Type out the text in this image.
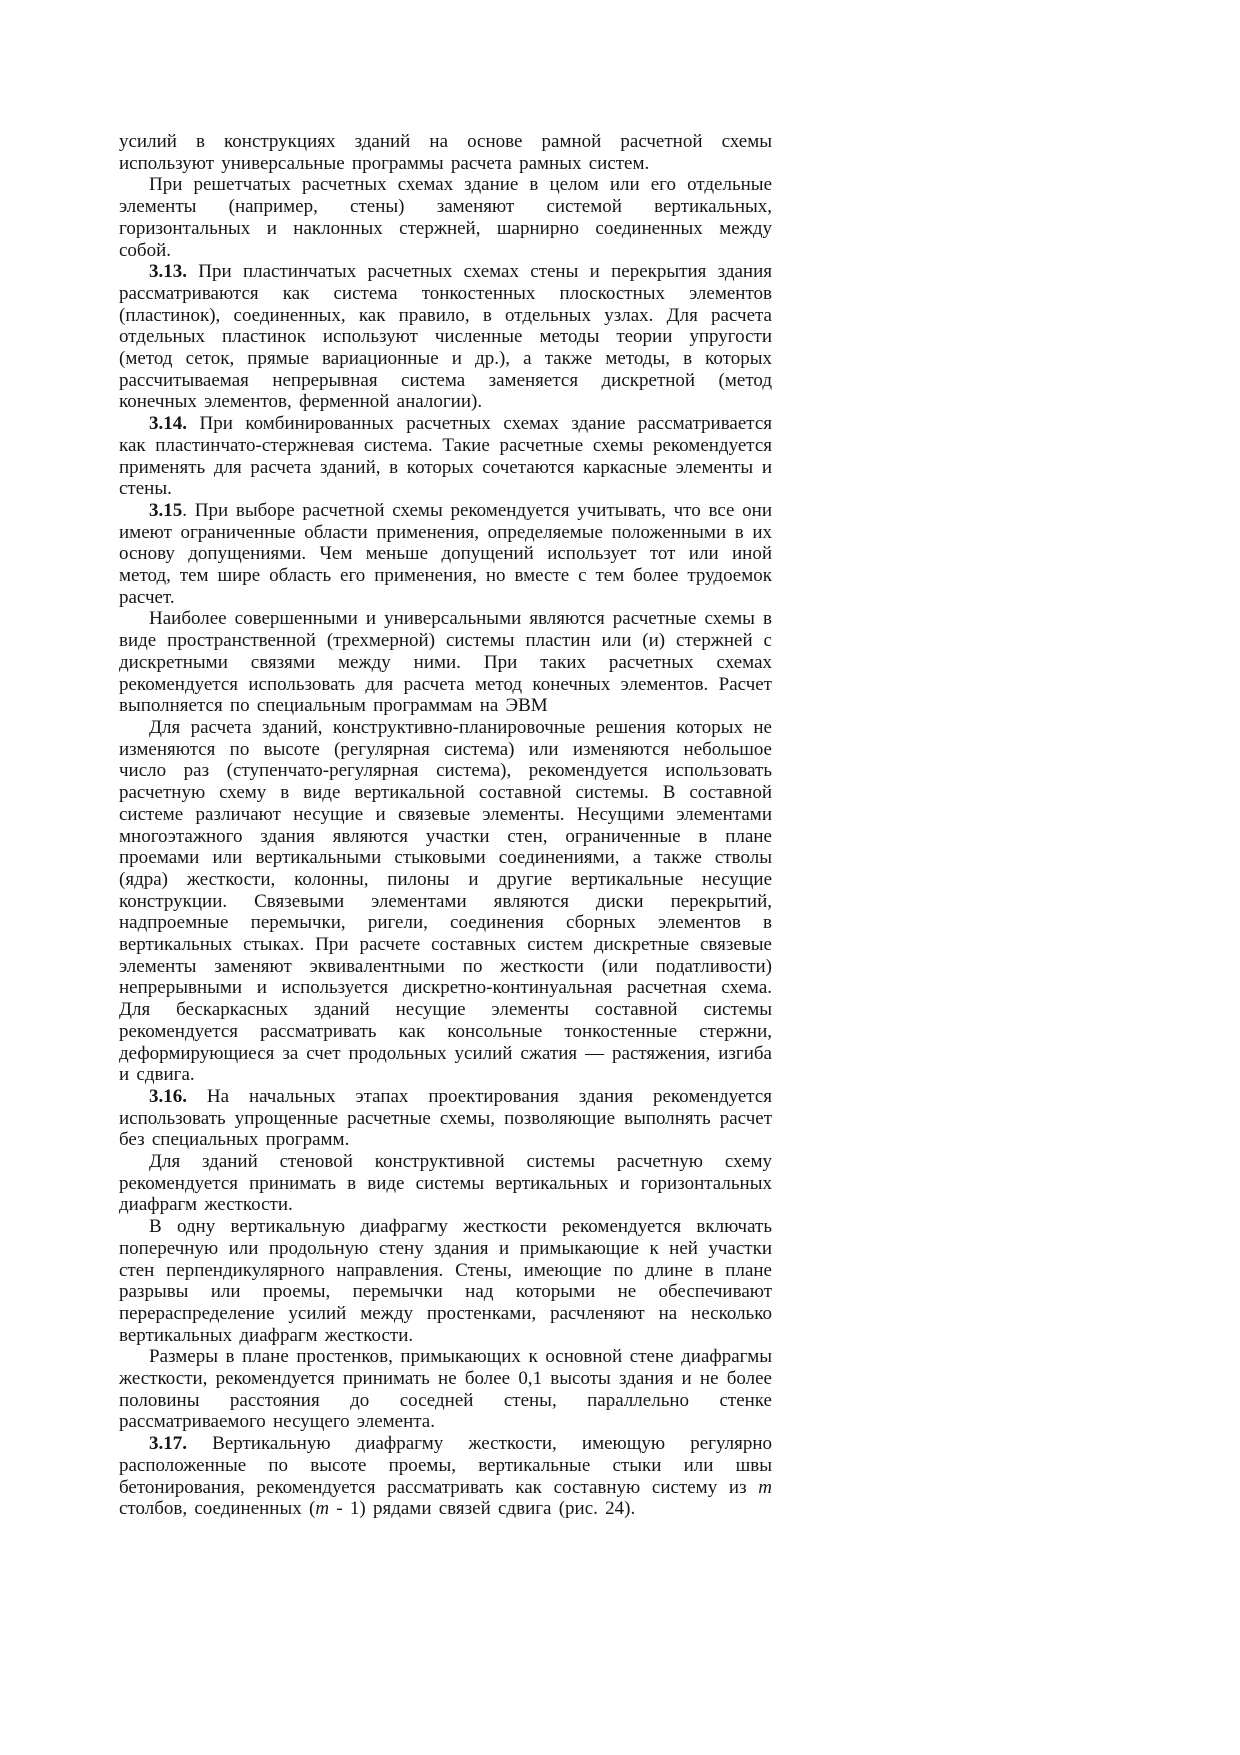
усилий в конструкциях зданий на основе рамной расчетной схемы используют универсальные программы расчета рамных систем.

При решетчатых расчетных схемах здание в целом или его отдельные элементы (например, стены) заменяют системой вертикальных, горизонтальных и наклонных стержней, шарнирно соединенных между собой.

3.13. При пластинчатых расчетных схемах стены и перекрытия здания рассматриваются как система тонкостенных плоскостных элементов (пластинок), соединенных, как правило, в отдельных узлах. Для расчета отдельных пластинок используют численные методы теории упругости (метод сеток, прямые вариационные и др.), а также методы, в которых рассчитываемая непрерывная система заменяется дискретной (метод конечных элементов, ферменной аналогии).

3.14. При комбинированных расчетных схемах здание рассматривается как пластинчато-стержневая система. Такие расчетные схемы рекомендуется применять для расчета зданий, в которых сочетаются каркасные элементы и стены.

3.15. При выборе расчетной схемы рекомендуется учитывать, что все они имеют ограниченные области применения, определяемые положенными в их основу допущениями. Чем меньше допущений использует тот или иной метод, тем шире область его применения, но вместе с тем более трудоемок расчет.

Наиболее совершенными и универсальными являются расчетные схемы в виде пространственной (трехмерной) системы пластин или (и) стержней с дискретными связями между ними. При таких расчетных схемах рекомендуется использовать для расчета метод конечных элементов. Расчет выполняется по специальным программам на ЭВМ

Для расчета зданий, конструктивно-планировочные решения которых не изменяются по высоте (регулярная система) или изменяются небольшое число раз (ступенчато-регулярная система), рекомендуется использовать расчетную схему в виде вертикальной составной системы. В составной системе различают несущие и связевые элементы. Несущими элементами многоэтажного здания являются участки стен, ограниченные в плане проемами или вертикальными стыковыми соединениями, а также стволы (ядра) жесткости, колонны, пилоны и другие вертикальные несущие конструкции. Связевыми элементами являются диски перекрытий, надпроемные перемычки, ригели, соединения сборных элементов в вертикальных стыках. При расчете составных систем дискретные связевые элементы заменяют эквивалентными по жесткости (или податливости) непрерывными и используется дискретно-континуальная расчетная схема. Для бескаркасных зданий несущие элементы составной системы рекомендуется рассматривать как консольные тонкостенные стержни, деформирующиеся за счет продольных усилий сжатия — растяжения, изгиба и сдвига.

3.16. На начальных этапах проектирования здания рекомендуется использовать упрощенные расчетные схемы, позволяющие выполнять расчет без специальных программ.

Для зданий стеновой конструктивной системы расчетную схему рекомендуется принимать в виде системы вертикальных и горизонтальных диафрагм жесткости.

В одну вертикальную диафрагму жесткости рекомендуется включать поперечную или продольную стену здания и примыкающие к ней участки стен перпендикулярного направления. Стены, имеющие по длине в плане разрывы или проемы, перемычки над которыми не обеспечивают перераспределение усилий между простенками, расчленяют на несколько вертикальных диафрагм жесткости.

Размеры в плане простенков, примыкающих к основной стене диафрагмы жесткости, рекомендуется принимать не более 0,1 высоты здания и не более половины расстояния до соседней стены, параллельно стенке рассматриваемого несущего элемента.

3.17. Вертикальную диафрагму жесткости, имеющую регулярно расположенные по высоте проемы, вертикальные стыки или швы бетонирования, рекомендуется рассматривать как составную систему из m столбов, соединенных (m - 1) рядами связей сдвига (рис. 24).
